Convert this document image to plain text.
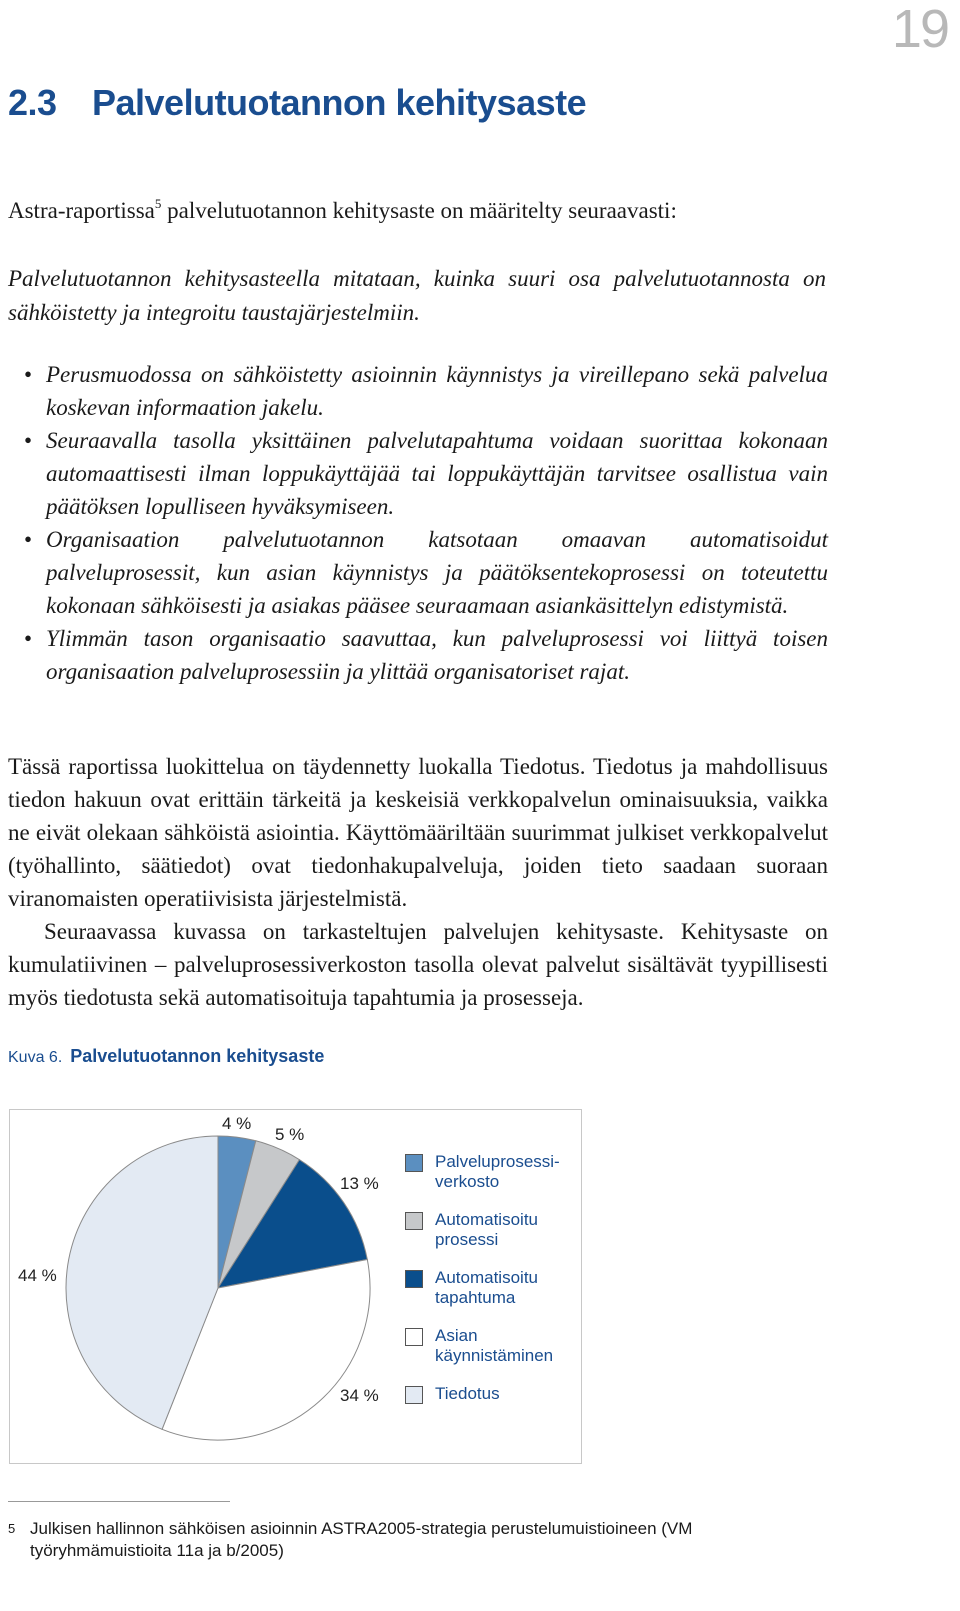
19
2.3 Palvelutuotannon kehitysaste
Astra-raportissa$^5$ palvelutuotannon kehitysaste on määritelty seuraavasti:
Palvelutuotannon kehitysasteella mitataan, kuinka suuri osa palvelutuotannosta on sähköistetty ja integroitu taustajärjestelmiin.
• Perusmuodossa on sähköistetty asioinnin käynnistys ja vireillepano sekä palvelua koskevan informaation jakelu.
• Seuraavalla tasolla yksittäinen palvelutapahtuma voidaan suorittaa kokonaan automaattisesti ilman loppukäyttäjää tai loppukäyttäjän tarvitsee osallistua vain päätöksen lopulliseen hyväksymiseen.
• Organisaation palvelutuotannon katsotaan omaavan automatisoidut palveluprosessit, kun asian käynnistys ja päätöksentekoprosessi on toteutettu kokonaan sähköisesti ja asiakas pääsee seuraamaan asiankäsittelyn edistymistä.
• Ylimmän tason organisaatio saavuttaa, kun palveluprosessi voi liittyä toisen organisaation palveluprosessiin ja ylittää organisatoriset rajat.

Tässä raportissa luokittelua on täydennetty luokalla Tiedotus. Tiedotus ja mahdollisuus tiedon hakuun ovat erittäin tärkeitä ja keskeisiä verkkopalvelun ominaisuuksia, vaikka ne eivät olekaan sähköistä asiointia. Käyttömääriltään suurimmat julkiset verkkopalvelut (työhallinto, säätiedot) ovat tiedonhakupalveluja, joiden tieto saadaan suoraan viranomaisten operatiivisista järjestelmistä.

Seuraavassa kuvassa on tarkasteltujen palvelujen kehitysaste. Kehitysaste on kumulatiivinen – palveluprosessiverkoston tasolla olevat palvelut sisältävät tyypillisesti myös tiedotusta sekä automatisoituja tapahtumia ja prosesseja.

Kuva 6. Palvelutuotannon kehitysaste
4 %
5 %
13 %
34 %
44 %
Palveluprosessi-
verkosto
Automatisoitu prosessi
Automatisoitu tapahtuma
Asian käynnistäminen
Tiedotus
5 Julkisen hallinnon sähköisen asioinnin ASTRA2005-strategia perustelumuistioineen (VM työryhmämuistioita 11a ja b/2005)
